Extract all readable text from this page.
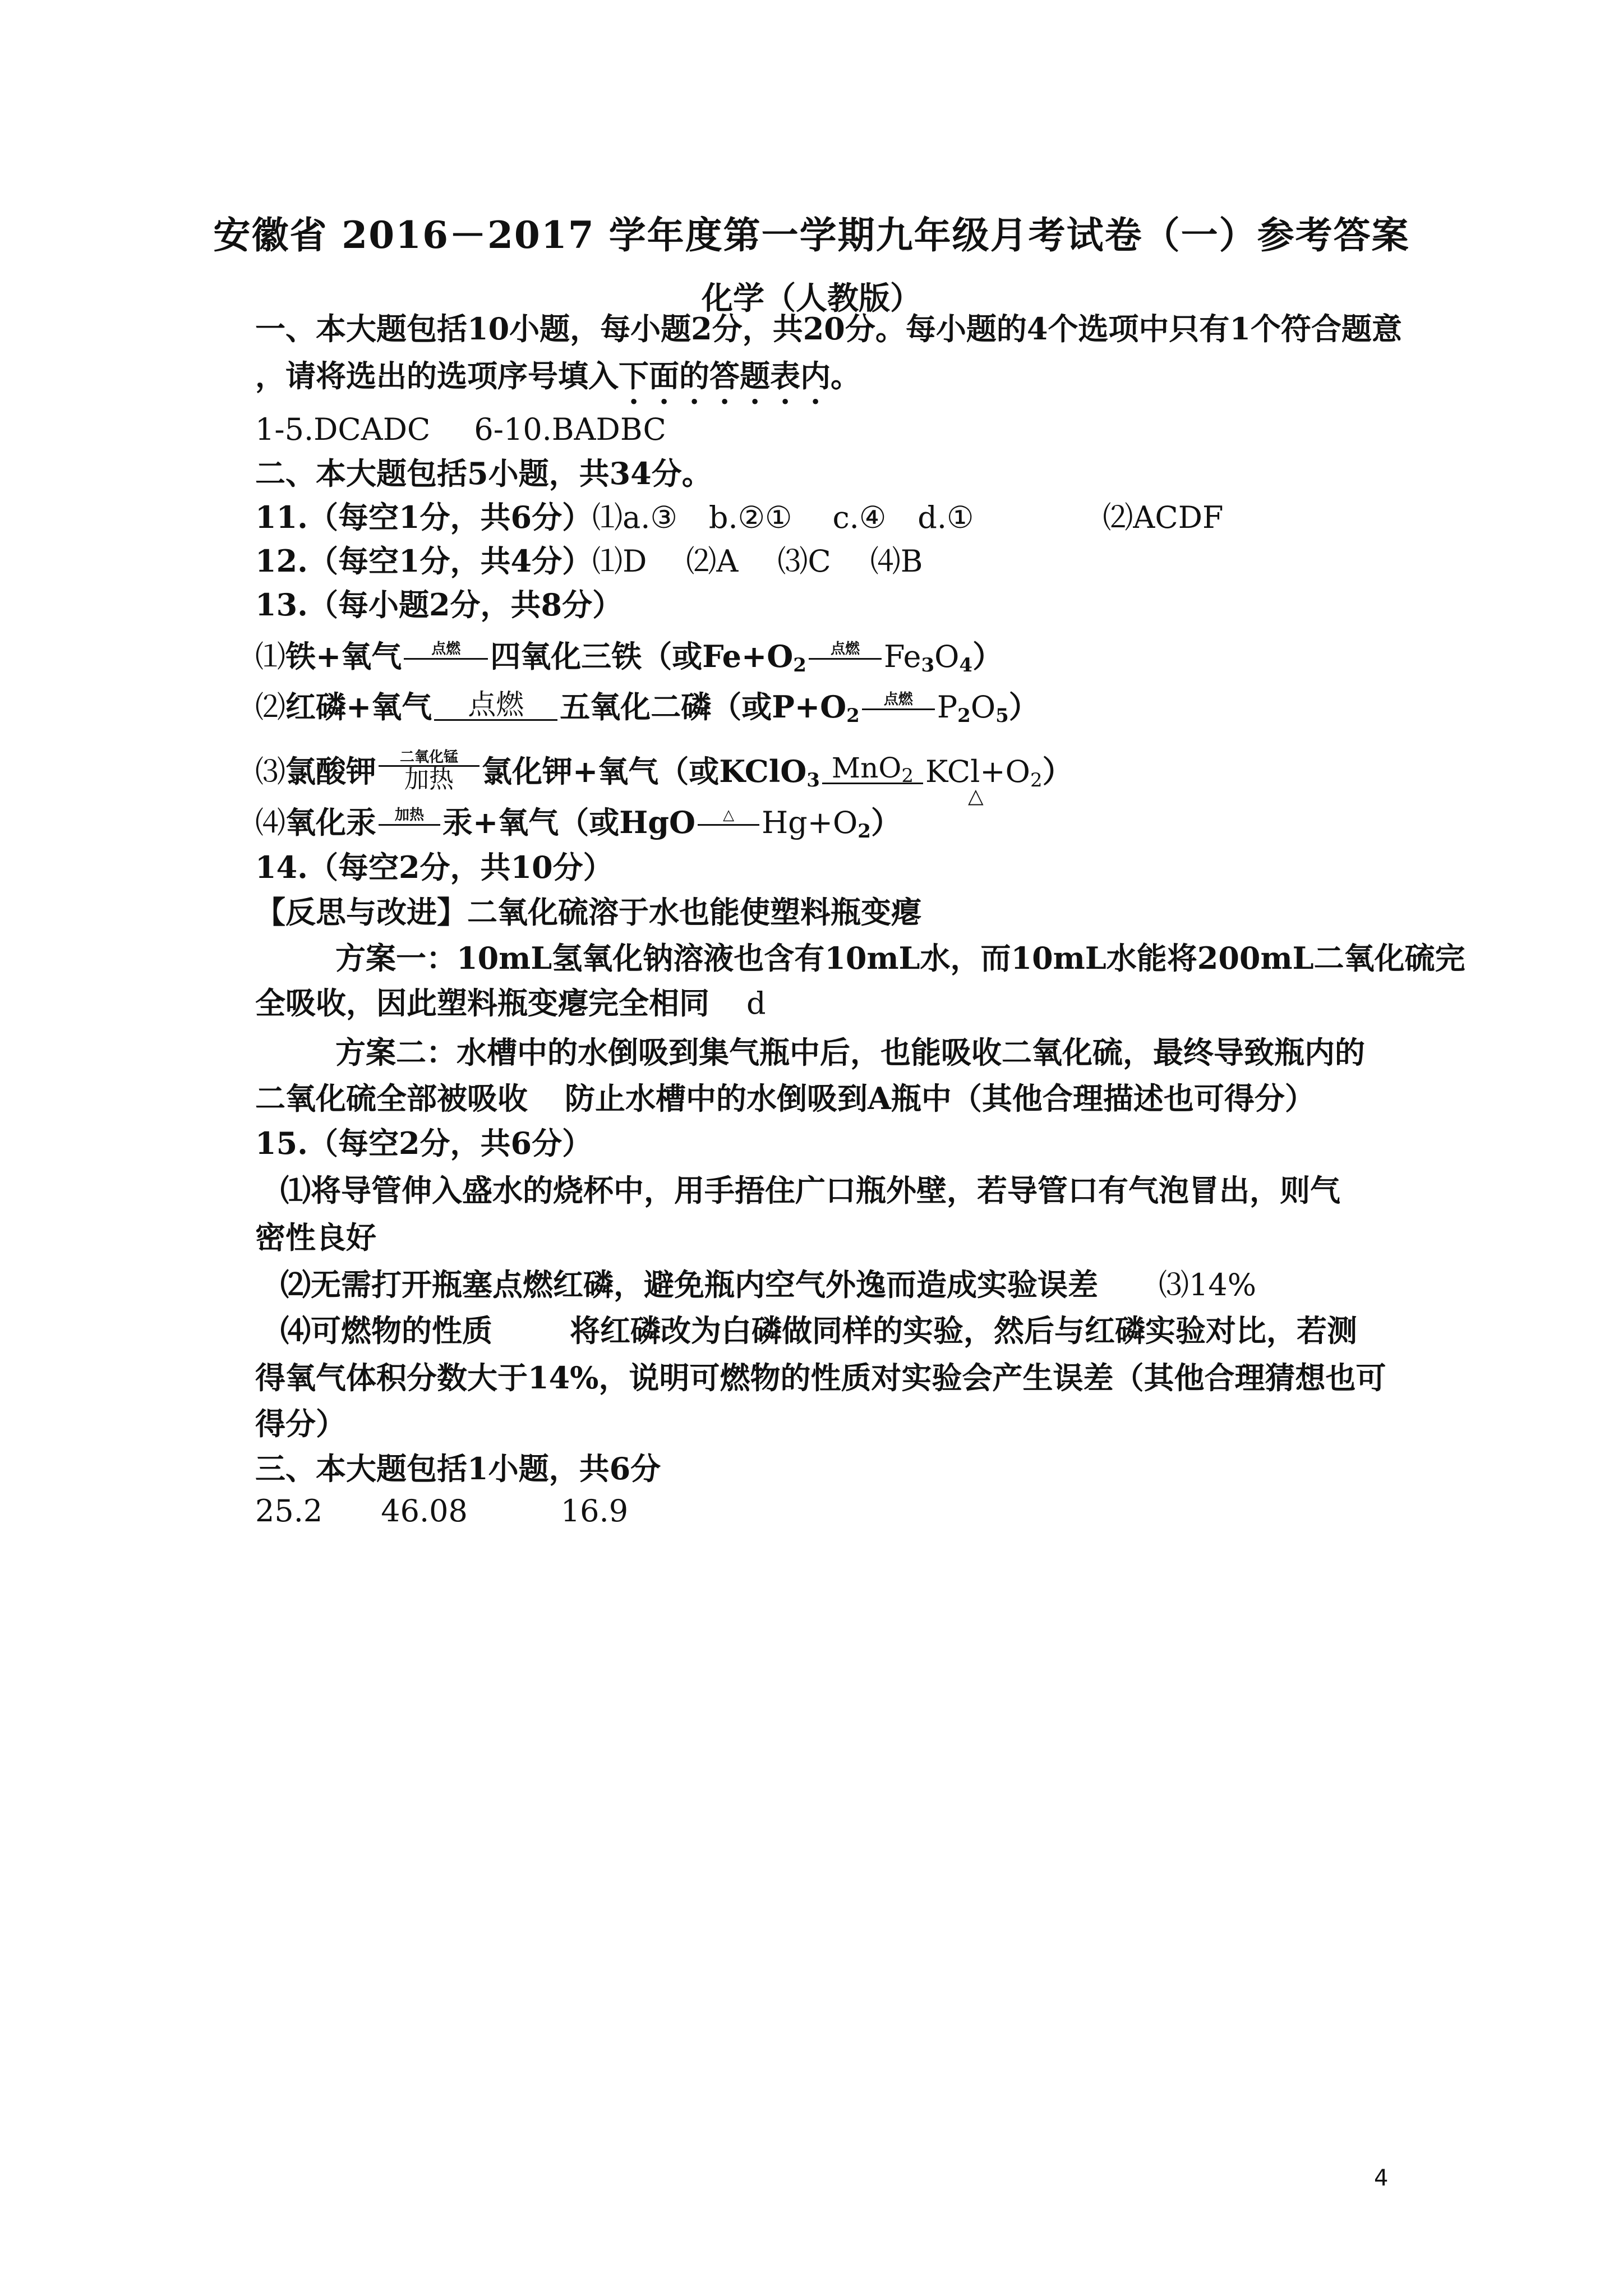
安徽省 2016－2017 学年度第一学期九年级月考试卷（一）参考答案
化学（人教版）
一、本大题包括10小题，每小题2分，共20分。每小题的4个选项中只有1个符合题意
，请将选出的选项序号填入下面的答题表内。
1-5.DCADC 6-10.BADBC
二、本大题包括5小题，共34分。
11.（每空1分，共6分）⑴a.③ b.②① c.④ d.①	⑵ACDF
12.（每空1分，共4分）⑴D ⑵A ⑶C ⑷B
13.（每小题2分，共8分）
⑴铁+氧气	点燃 四氧化三铁（或$Fe+O_2$
点燃 $Fe_3O_4$）
⑵红磷+氧气	点燃	五氧化二磷（或$P+O_2$
点燃 $P_2O_5$）
⑶氯酸钾	二氧化锰
加热 氯化钾+氧气（或KClO$_3$ MnO$_2$ $KCl+O_2$
△
）
⑷氧化汞	加热 汞+氧气（或HgO	△ $Hg+O_2$）
14.（每空2分，共10分）
【反思与改进】二氧化硫溶于水也能使塑料瓶变瘪
方案一：10mL氢氧化钠溶液也含有10mL水，而10mL水能将200mL二氧化硫完
全吸收，因此塑料瓶变瘪完全相同 d
方案二：水槽中的水倒吸到集气瓶中后，也能吸收二氧化硫，最终导致瓶内的
二氧化硫全部被吸收 防止水槽中的水倒吸到A瓶中（其他合理描述也可得分）
15.（每空2分，共6分）
⑴将导管伸入盛水的烧杯中，用手捂住广口瓶外壁，若导管口有气泡冒出，则气
密性良好
⑵无需打开瓶塞点燃红磷，避免瓶内空气外逸而造成实验误差 ⑶14%
⑷可燃物的性质	将红磷改为白磷做同样的实验，然后与红磷实验对比，若测
得氧气体积分数大于14%，说明可燃物的性质对实验会产生误差（其他合理猜想也可
得分）
三、本大题包括1小题，共6分
25.2 46.08	16.9
4
